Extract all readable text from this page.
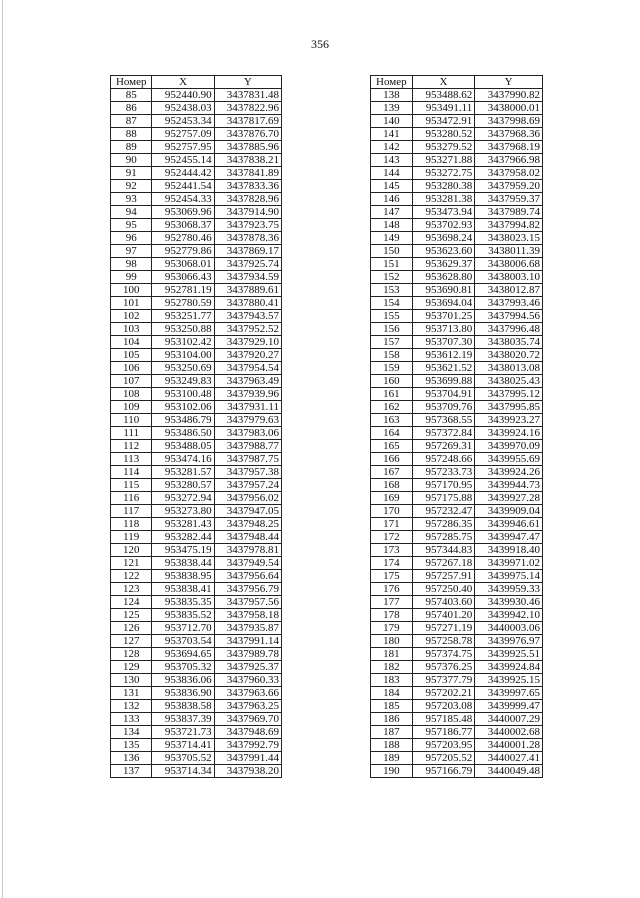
356
Номер	X	Y
85	952440.90	3437831.48
86	952438.03	3437822.96
87	952453.34	3437817.69
88	952757.09	3437876.70
89	952757.95	3437885.96
90	952455.14	3437838.21
91	952444.42	3437841.89
92	952441.54	3437833.36
93	952454.33	3437828.96
94	953069.96	3437914.90
95	953068.37	3437923.75
96	952780.46	3437878.36
97	952779.86	3437869.17
98	953068.01	3437925.74
99	953066.43	3437934.59
100	952781.19	3437889.61
101	952780.59	3437880.41
102	953251.77	3437943.57
103	953250.88	3437952.52
104	953102.42	3437929.10
105	953104.00	3437920.27
106	953250.69	3437954.54
107	953249.83	3437963.49
108	953100.48	3437939.96
109	953102.06	3437931.11
110	953486.79	3437979.63
111	953486.50	3437983.06
112	953488.05	3437988.77
113	953474.16	3437987.75
114	953281.57	3437957.38
115	953280.57	3437957.24
116	953272.94	3437956.02
117	953273.80	3437947.05
118	953281.43	3437948.25
119	953282.44	3437948.44
120	953475.19	3437978.81
121	953838.44	3437949.54
122	953838.95	3437956.64
123	953838.41	3437956.79
124	953835.35	3437957.56
125	953835.52	3437958.18
126	953712.70	3437935.87
127	953703.54	3437991.14
128	953694.65	3437989.78
129	953705.32	3437925.37
130	953836.06	3437960.33
131	953836.90	3437963.66
132	953838.58	3437963.25
133	953837.39	3437969.70
134	953721.73	3437948.69
135	953714.41	3437992.79
136	953705.52	3437991.44
137	953714.34	3437938.20
Номер	X	Y
138	953488.62	3437990.82
139	953491.11	3438000.01
140	953472.91	3437998.69
141	953280.52	3437968.36
142	953279.52	3437968.19
143	953271.88	3437966.98
144	953272.75	3437958.02
145	953280.38	3437959.20
146	953281.38	3437959.37
147	953473.94	3437989.74
148	953702.93	3437994.82
149	953698.24	3438023.15
150	953623.60	3438011.39
151	953629.37	3438006.68
152	953628.80	3438003.10
153	953690.81	3438012.87
154	953694.04	3437993.46
155	953701.25	3437994.56
156	953713.80	3437996.48
157	953707.30	3438035.74
158	953612.19	3438020.72
159	953621.52	3438013.08
160	953699.88	3438025.43
161	953704.91	3437995.12
162	953709.76	3437995.85
163	957368.55	3439923.27
164	957372.84	3439924.16
165	957269.31	3439970.09
166	957248.66	3439955.69
167	957233.73	3439924.26
168	957170.95	3439944.73
169	957175.88	3439927.28
170	957232.47	3439909.04
171	957286.35	3439946.61
172	957285.75	3439947.47
173	957344.83	3439918.40
174	957267.18	3439971.02
175	957257.91	3439975.14
176	957250.40	3439959.33
177	957403.60	3439930.46
178	957401.20	3439942.10
179	957271.19	3440003.06
180	957258.78	3439976.97
181	957374.75	3439925.51
182	957376.25	3439924.84
183	957377.79	3439925.15
184	957202.21	3439997.65
185	957203.08	3439999.47
186	957185.48	3440007.29
187	957186.77	3440002.68
188	957203.95	3440001.28
189	957205.52	3440027.41
190	957166.79	3440049.48
